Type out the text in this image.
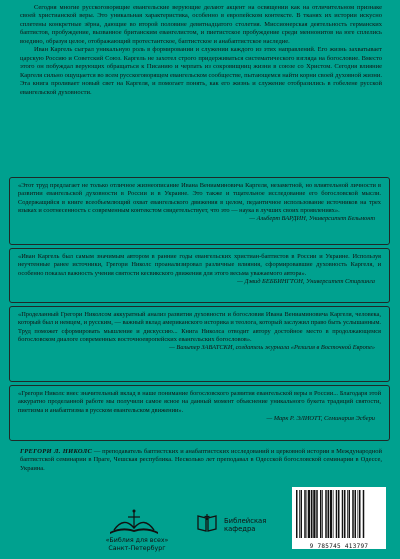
Сегодня многие русскоговорящие евангельские верующие делают акцент на освящении как на отличительном признаке своей христианской веры. Это уникальная характеристика, особенно в европейском контексте. В тканях их истории искусно сплетены конкретные зёрна, дающие во второй половине девятнадцатого столетия. Миссионерская деятельность германских баптистов, пробуждение, вызванное британским евангелистом, и пиетистское пробуждение среди меннонитов на юге сплелись воедино, образуя целое, отображающий протестантское, баптистское и анабаптистское наследие.

Иван Каргель сыграл уникальную роль в формировании и служении каждого из этих направлений. Его жизнь захватывает царскую Россию и Советский Союз. Каргель не захотел строго придерживаться систематического взгляда на богословие. Вместо этого он побуждал верующих обращаться к Писанию и черпать из сокровищниц жизни в союзе со Христом. Сегодня влияние Каргеля сильно ощущается во всем русскоговорящем евангельском сообществе, пытающемся найти корни своей духовной жизни. Эта книга проливает новый свет на Каргеля, и помогает понять, как его жизнь и служение отобразились в гобелене русской евангельской духовности.

«Этот труд предлагает не только отличное жизнеописание Ивана Вениаминовича Каргеля, незаметной, но влиятельной личности в развитии евангельской духовности в России и в Украине. Это также и тщательное исследование его богословской мысли. Содержащийся в книге всеобъемлющий охват евангельского движения в целом, педантичное использование источников на трех языках и соотнесенность с современным контекстом свидетельствует, что это — наука в лучших своих проявлениях».

— Альберт ВАРДИН, Университет Бельмонт

«Иван Каргель был самым значимым автором в ранние годы евангельских христиан-баптистов в России и Украине. Используя неучтенные ранее источники, Грегори Николс проанализировал различные влияния, сформировавшие духовность Каргеля, и особенно показал важность учения святости кесвикского движения для этого весьма уважаемого автора».

— Дэвид БЕББИНГТОН, Университет Стирлинга

«Проделанный Грегори Николсом аккуратный анализ развития духовности и богословия Ивана Вениаминовича Каргеля, человека, который был и немцем, и русским, — важный вклад американского историка и теолога, который заслужил право быть услышанным. Труд поможет сформировать мышление и дискуссию... Книга Николса отводит автору достойное место в продолжающемся богословском диалоге современных восточноевропейских евангельских богословов».

— Вальтер ЗАВАТСКИ, создатель журнала «Религия в Восточной Европе»

«Грегори Николс внес значительный вклад в наше понимание богословского развития евангельской веры в России... Благодаря этой аккуратно проделанной работе мы получили самое ясное на данный момент объяснение уникального букета традиций святости, пиетизма и анабаптизма в русском евангельском движении».

— Марк Р. ЭЛИОТТ, Семинария Эсбери

ГРЕГОРИ Л. НИКОЛС — преподаватель баптистских и анабаптистских исследований и церковной истории в Международной баптистской семинарии в Праге, Чешская республика. Несколько лет преподавал в Одесской богословской семинарии в Одессе, Украина.
«Библия для всех»
Санкт-Петербург
Библейская
кафедра
9 785745 413797
